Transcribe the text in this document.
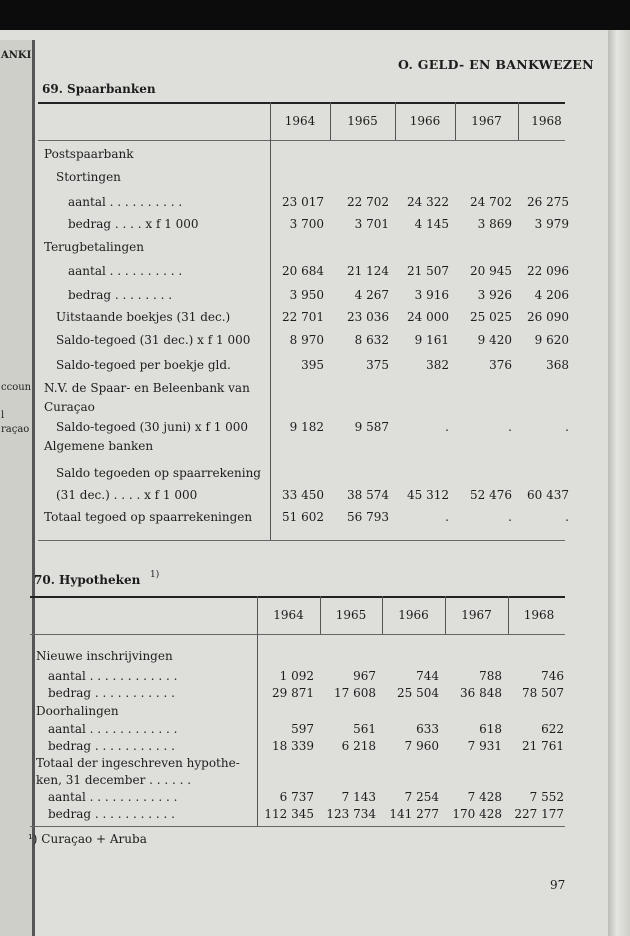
ANKI
ccoun
l
raçao
O. GELD- EN BANKWEZEN
69. Spaarbanken
1964	1965	1966	1967	1968
Postspaarbank
Stortingen
aantal . . . . . . . . . .	23 017	22 702	24 322	24 702	26 275
bedrag . . . . x f 1 000	3 700	3 701	4 145	3 869	3 979
Terugbetalingen
aantal . . . . . . . . . .	20 684	21 124	21 507	20 945	22 096
bedrag . . . . . . . .	3 950	4 267	3 916	3 926	4 206
Uitstaande boekjes (31 dec.)	22 701	23 036	24 000	25 025	26 090
Saldo-tegoed (31 dec.) x f 1 000	8 970	8 632	9 161	9 420	9 620
Saldo-tegoed per boekje gld.	395	375	382	376	368
N.V. de Spaar- en Beleenbank van
Curaçao
Saldo-tegoed (30 juni) x f 1 000	9 182	9 587	.	.	.
Algemene banken
Saldo tegoeden op spaarrekening
(31 dec.) . . . . x f 1 000	33 450	38 574	45 312	52 476	60 437
Totaal tegoed op spaarrekeningen	51 602	56 793	.	.	.
70. Hypotheken 1)
1964	1965	1966	1967	1968
Nieuwe inschrijvingen
aantal . . . . . . . . . . . .	1 092	967	744	788	746
bedrag . . . . . . . . . . .	29 871	17 608	25 504	36 848	78 507
Doorhalingen
aantal . . . . . . . . . . . .	597	561	633	618	622
bedrag . . . . . . . . . . .	18 339	6 218	7 960	7 931	21 761
Totaal der ingeschreven hypothe-
ken, 31 december . . . . . .
aantal . . . . . . . . . . . .	6 737	7 143	7 254	7 428	7 552
bedrag . . . . . . . . . . .	112 345	123 734	141 277	170 428	227 177
¹) Curaçao + Aruba
97
